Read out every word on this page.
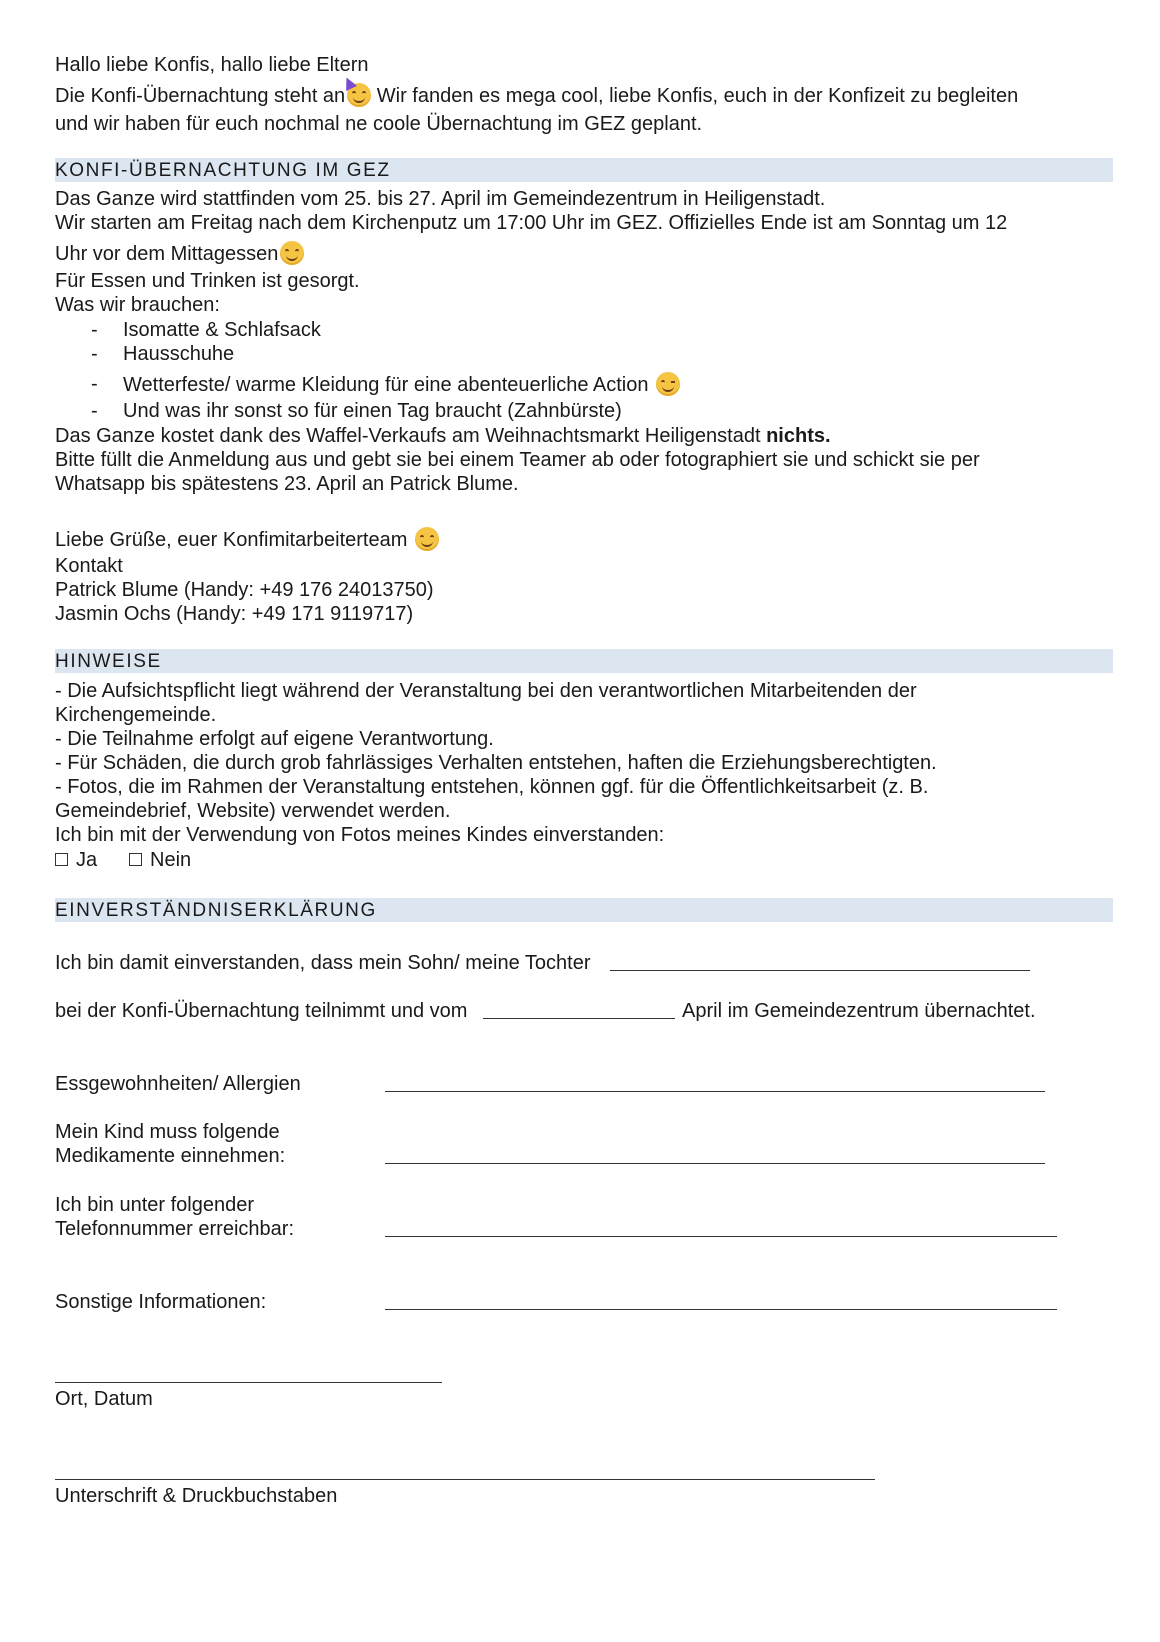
Hallo liebe Konfis, hallo liebe Eltern
Die Konfi-Übernachtung steht an
Wir fanden es mega cool, liebe Konfis, euch in der Konfizeit zu begleiten
und wir haben für euch nochmal ne coole Übernachtung im GEZ geplant.
KONFI-ÜBERNACHTUNG IM GEZ
Das Ganze wird stattfinden vom 25. bis 27. April im Gemeindezentrum in Heiligenstadt.
Wir starten am Freitag nach dem Kirchenputz um 17:00 Uhr im GEZ. Offizielles Ende ist am Sonntag um 12
Uhr vor dem Mittagessen
Für Essen und Trinken ist gesorgt.
Was wir brauchen:
- Isomatte & Schlafsack
- Hausschuhe
- Wetterfeste/ warme Kleidung für eine abenteuerliche Action
- Und was ihr sonst so für einen Tag braucht (Zahnbürste)
Das Ganze kostet dank des Waffel-Verkaufs am Weihnachtsmarkt Heiligenstadt nichts.
Bitte füllt die Anmeldung aus und gebt sie bei einem Teamer ab oder fotographiert sie und schickt sie per
Whatsapp bis spätestens 23. April an Patrick Blume.
Liebe Grüße, euer Konfimitarbeiterteam
Kontakt
Patrick Blume (Handy: +49 176 24013750)
Jasmin Ochs (Handy: +49 171 9119717)
HINWEISE
- Die Aufsichtspflicht liegt während der Veranstaltung bei den verantwortlichen Mitarbeitenden der
Kirchengemeinde.
- Die Teilnahme erfolgt auf eigene Verantwortung.
- Für Schäden, die durch grob fahrlässiges Verhalten entstehen, haften die Erziehungsberechtigten.
- Fotos, die im Rahmen der Veranstaltung entstehen, können ggf. für die Öffentlichkeitsarbeit (z. B.
Gemeindebrief, Website) verwendet werden.
Ich bin mit der Verwendung von Fotos meines Kindes einverstanden:
Ja	Nein
EINVERSTÄNDNISERKLÄRUNG
Ich bin damit einverstanden, dass mein Sohn/ meine Tochter
bei der Konfi-Übernachtung teilnimmt und vom	April im Gemeindezentrum übernachtet.
Essgewohnheiten/ Allergien
Mein Kind muss folgende
Medikamente einnehmen:
Ich bin unter folgender
Telefonnummer erreichbar:
Sonstige Informationen:
Ort, Datum
Unterschrift & Druckbuchstaben
